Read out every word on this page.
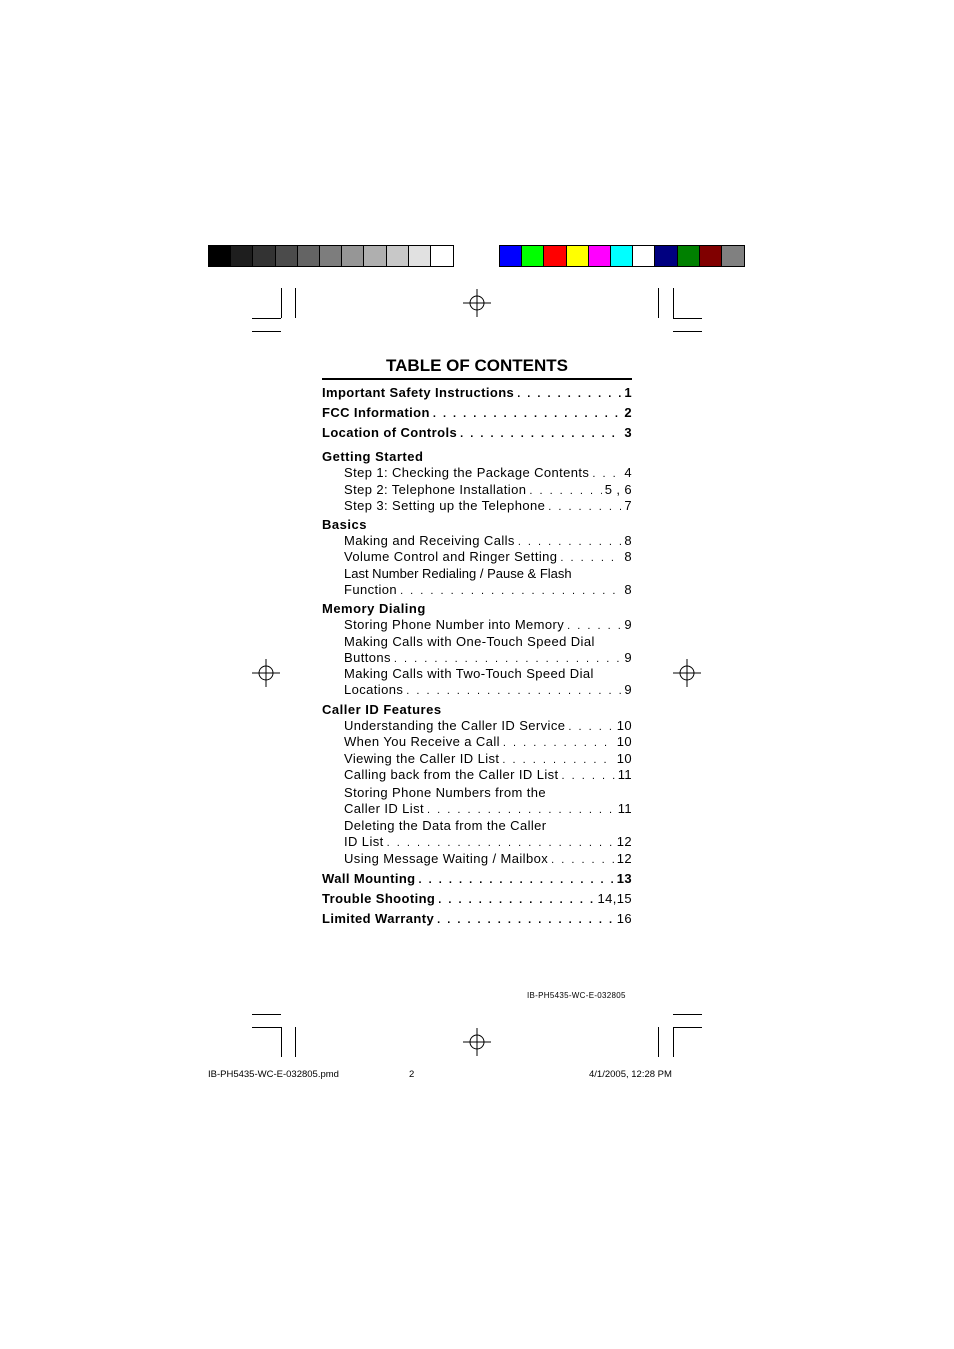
TABLE OF CONTENTS
Important Safety Instructions . . .	1
FCC Information . . .	2
Location of Controls . . .	3
Getting Started
Step 1: Checking the Package Contents . . .	4
Step 2: Telephone Installation . . .	5 , 6
Step 3: Setting up the Telephone . . .	7
Basics
Making and Receiving Calls . . .	8
Volume Control and Ringer Setting . . .	8
Last Number Redialing / Pause & Flash
Function . . .	8
Memory Dialing
Storing Phone Number into Memory . . .	9
Making Calls with One-Touch Speed Dial
Buttons . . .	9
Making Calls with Two-Touch Speed Dial
Locations . . .	9
Caller ID Features
Understanding the Caller ID Service . . .	10
When You Receive a Call . . .	10
Viewing the Caller ID List . . .	10
Calling back from the Caller ID List . . .	11
Storing Phone Numbers from the
Caller ID List . . .	11
Deleting the Data from the Caller
ID List . . .	12
Using Message Waiting / Mailbox . . .	12
Wall Mounting . . .	13
Trouble Shooting . . .	14,15
Limited Warranty . . .	16
IB-PH5435-WC-E-032805
IB-PH5435-WC-E-032805.pmd	2	4/1/2005, 12:28 PM
